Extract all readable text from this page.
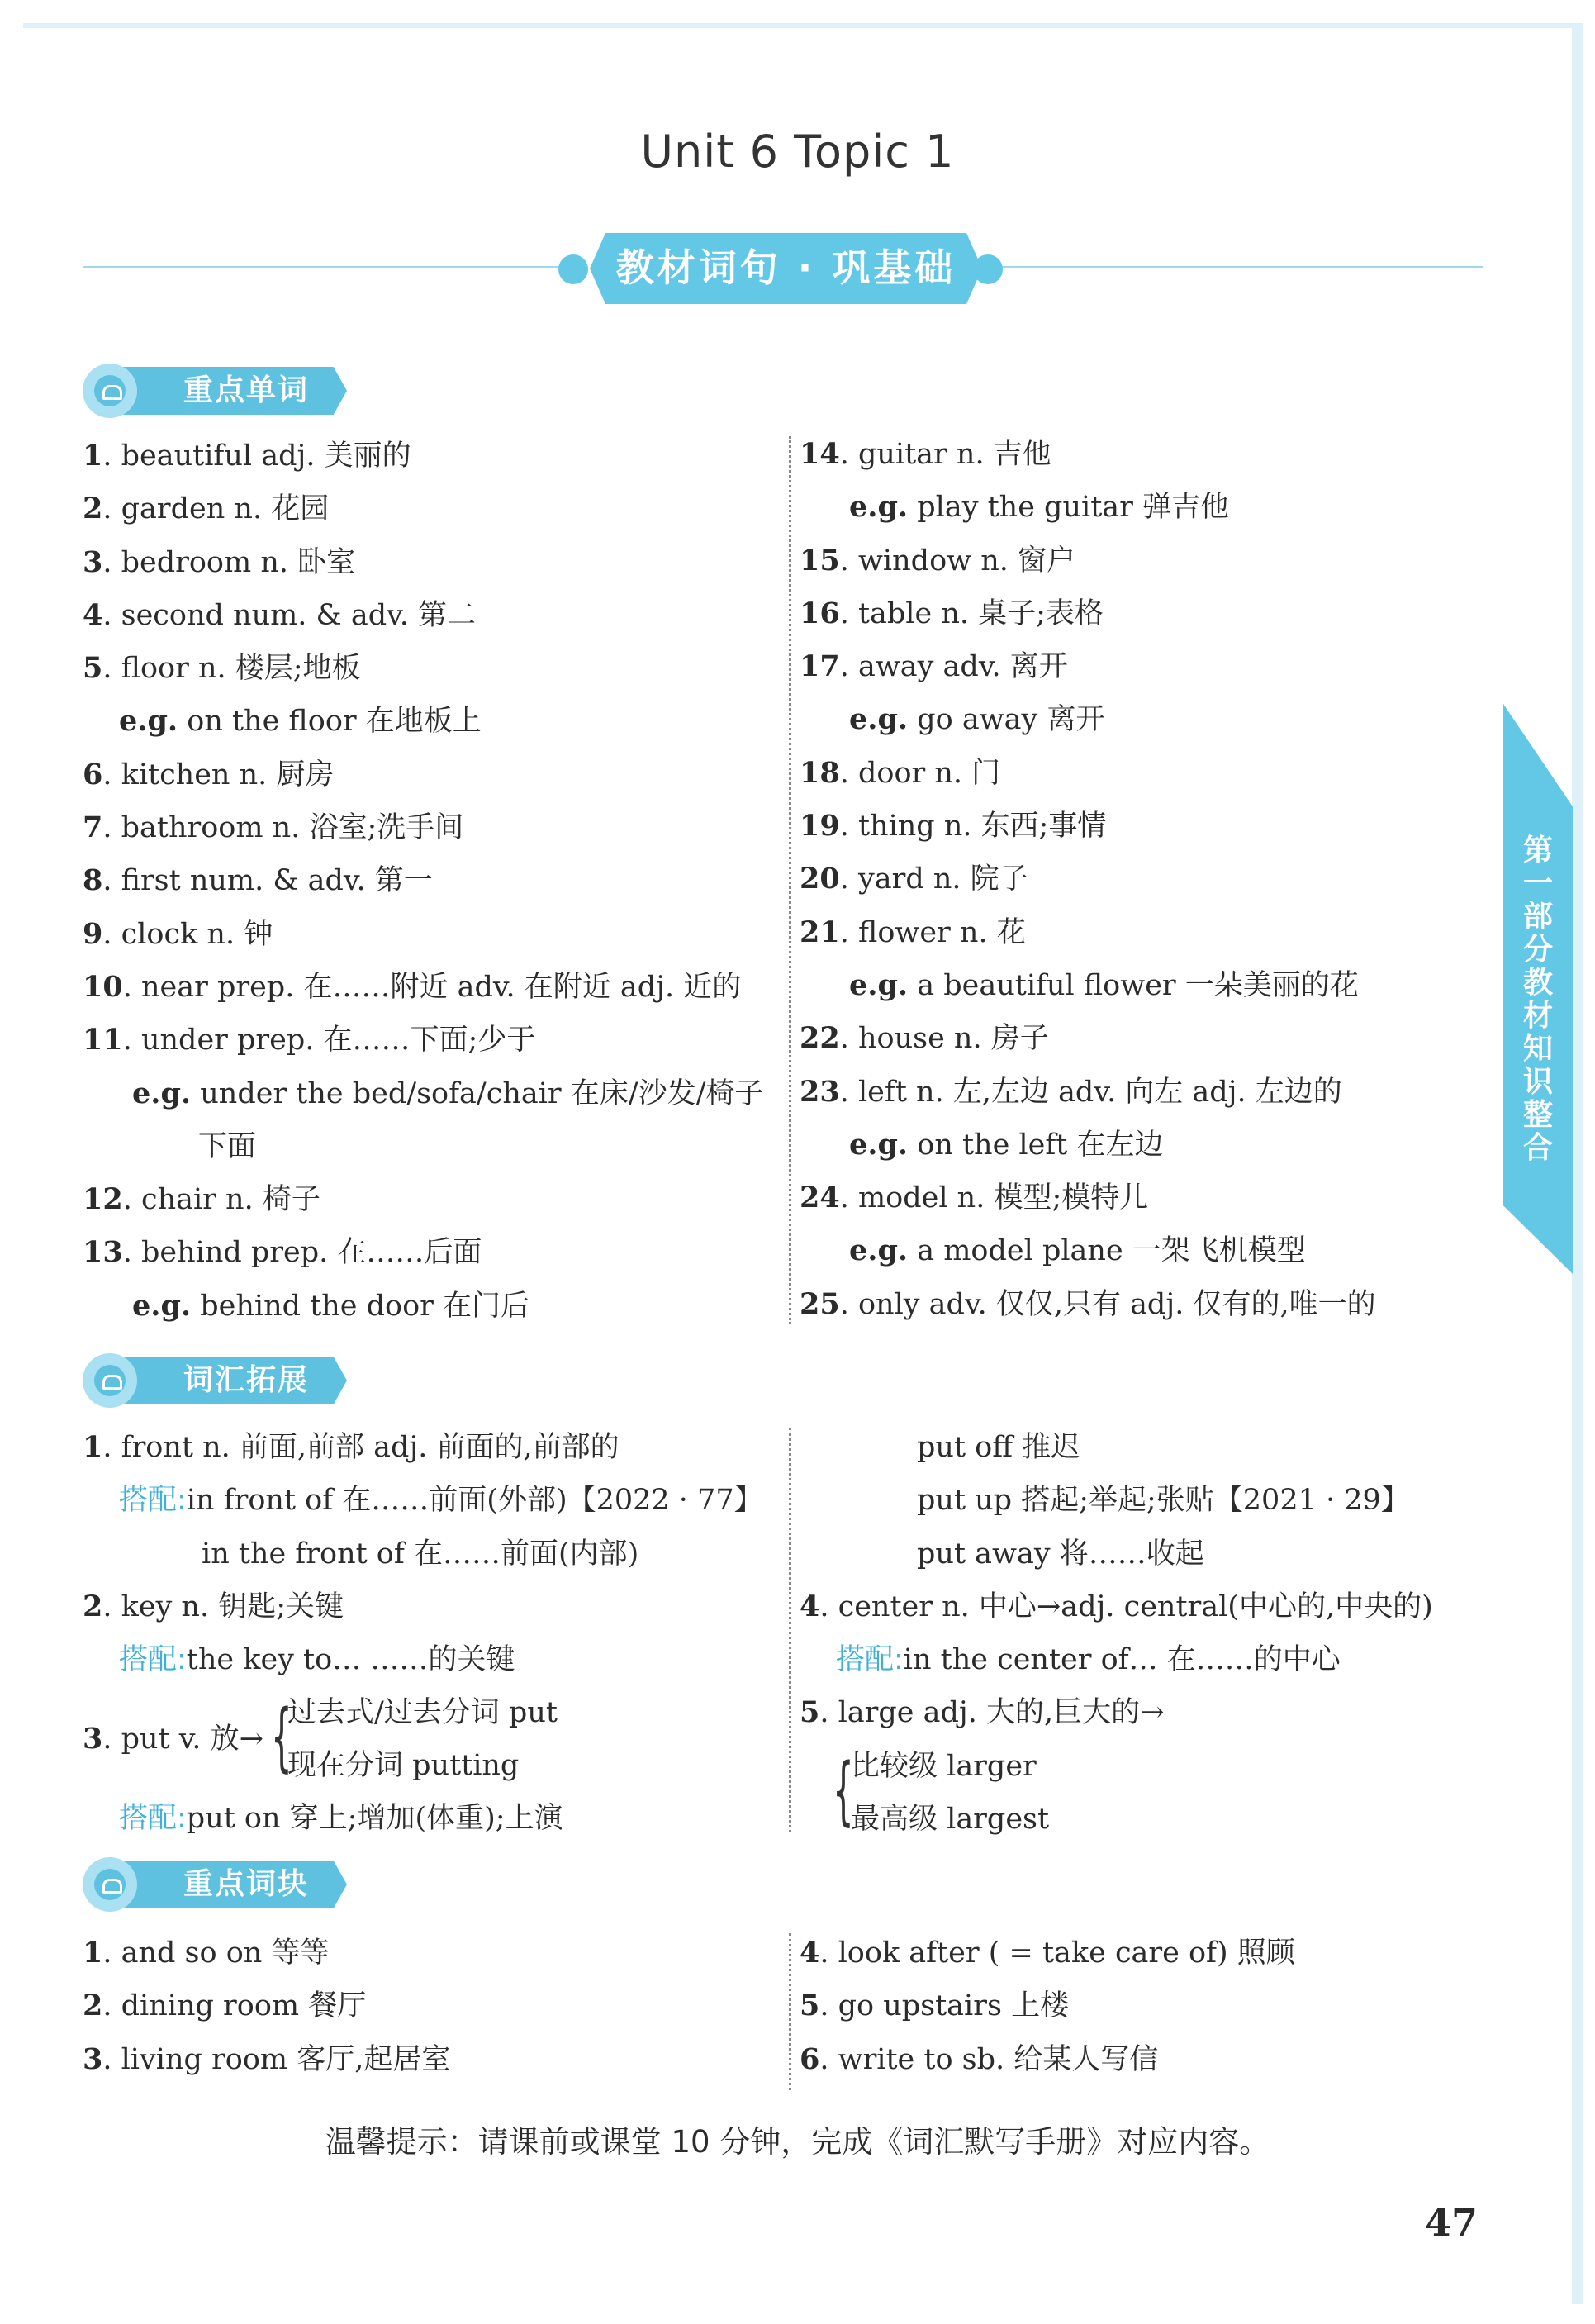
Unit 6 Topic 1
教材词句 · 巩基础
重点单词
1. beautiful adj. 美丽的
2. garden n. 花园
3. bedroom n. 卧室
4. second num. & adv. 第二
5. floor n. 楼层;地板
e.g. on the floor 在地板上
6. kitchen n. 厨房
7. bathroom n. 浴室;洗手间
8. first num. & adv. 第一
9. clock n. 钟
10. near prep. 在……附近 adv. 在附近 adj. 近的
11. under prep. 在……下面;少于
e.g. under the bed/sofa/chair 在床/沙发/椅子
下面
12. chair n. 椅子
13. behind prep. 在……后面
e.g. behind the door 在门后
14. guitar n. 吉他
e.g. play the guitar 弹吉他
15. window n. 窗户
16. table n. 桌子;表格
17. away adv. 离开
e.g. go away 离开
18. door n. 门
19. thing n. 东西;事情
20. yard n. 院子
21. flower n. 花
e.g. a beautiful flower 一朵美丽的花
22. house n. 房子
23. left n. 左,左边 adv. 向左 adj. 左边的
e.g. on the left 在左边
24. model n. 模型;模特儿
e.g. a model plane 一架飞机模型
25. only adv. 仅仅,只有 adj. 仅有的,唯一的
词汇拓展
1. front n. 前面,前部 adj. 前面的,前部的
搭配:in front of 在……前面(外部)【2022 · 77】
in the front of 在……前面(内部)
2. key n. 钥匙;关键
搭配:the key to… ……的关键
3. put v. 放→ {
过去式/过去分词 put
现在分词 putting
搭配:put on 穿上;增加(体重);上演
put off 推迟
put up 搭起;举起;张贴【2021 · 29】
put away 将……收起
4. center n. 中心→adj. central(中心的,中央的)
搭配:in the center of… 在……的中心
5. large adj. 大的,巨大的→
{
比较级 larger
最高级 largest
重点词块
1. and so on 等等
2. dining room 餐厅
3. living room 客厅,起居室
4. look after ( = take care of) 照顾
5. go upstairs 上楼
6. write to sb. 给某人写信
第一部分 教材知识整合
温馨提示：请课前或课堂 10 分钟，完成《词汇默写手册》对应内容。
47
